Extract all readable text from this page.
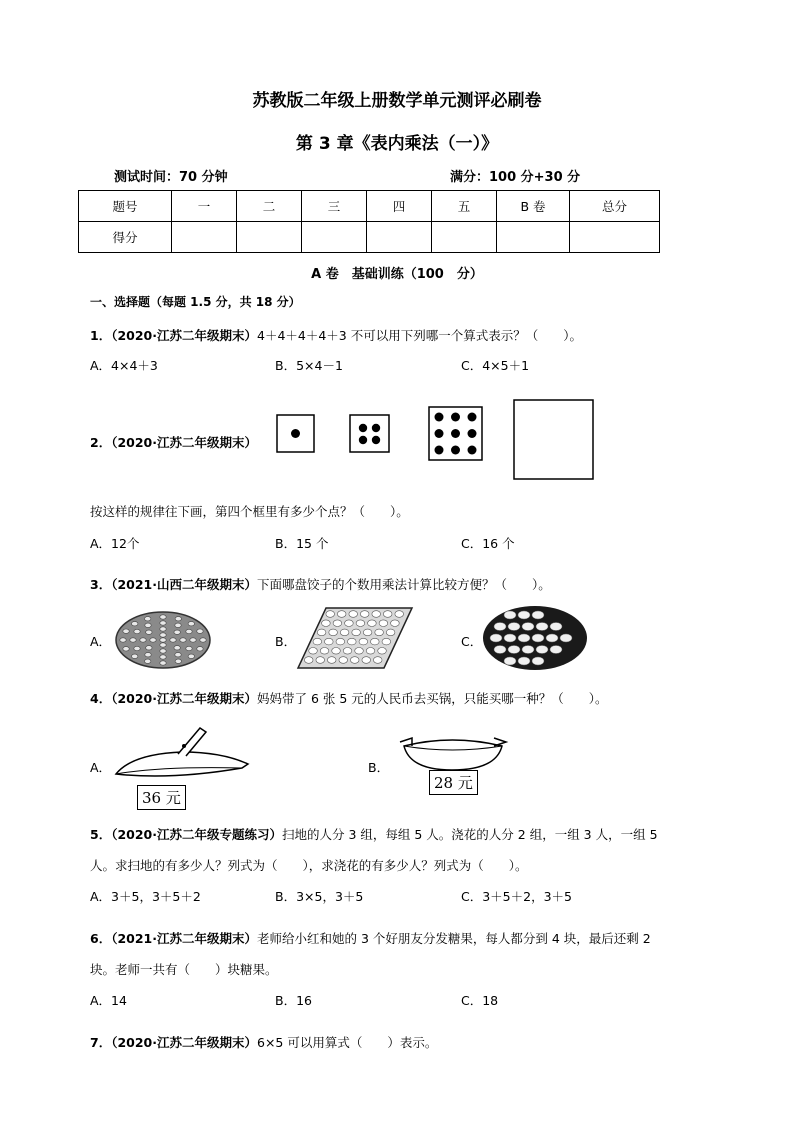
苏教版二年级上册数学单元测评必刷卷
第 3 章《表内乘法（一）》
测试时间：70 分钟	满分：100 分+30 分
题号	一	二	三	四	五	B 卷	总分
得分							
A 卷　基础训练（100　分）
一、选择题（每题 1.5 分，共 18 分）
1．（2020·江苏二年级期末）4＋4＋4＋4＋3 不可以用下列哪一个算式表示？（　　）。
A．4×4＋3	B．5×4－1	C．4×5＋1
2．（2020·江苏二年级期末）
按这样的规律往下画，第四个框里有多少个点？（　　）。
A．12个	B．15 个	C．16 个
3．（2021·山西二年级期末）下面哪盘饺子的个数用乘法计算比较方便？（　　）。
A．	B．	C．
4．（2020·江苏二年级期末）妈妈带了 6 张 5 元的人民币去买锅，只能买哪一种？（　　）。
A．	B．
36 元
28 元
5．（2020·江苏二年级专题练习）扫地的人分 3 组，每组 5 人。浇花的人分 2 组，一组 3 人，一组 5
人。求扫地的有多少人？列式为（　　），求浇花的有多少人？列式为（　　）。
A．3＋5，3＋5＋2	B．3×5，3＋5	C．3＋5＋2，3＋5
6．（2021·江苏二年级期末）老师给小红和她的 3 个好朋友分发糖果，每人都分到 4 块，最后还剩 2
块。老师一共有（　　）块糖果。
A．14	B．16	C．18
7．（2020·江苏二年级期末）6×5 可以用算式（　　）表示。
